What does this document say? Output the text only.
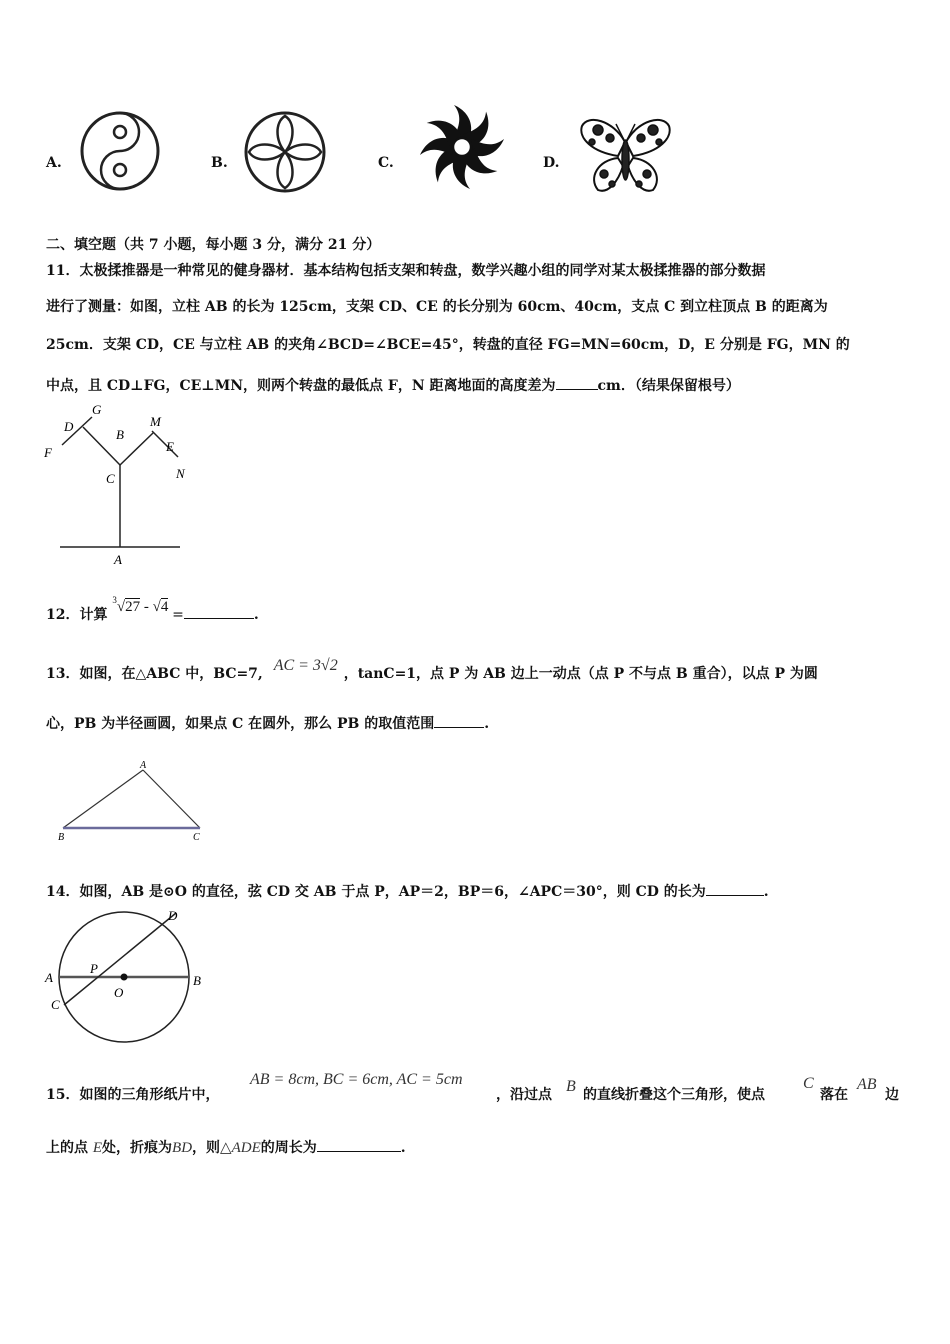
A.	B.	C.	D.
二、填空题（共 7 小题，每小题 3 分，满分 21 分）
11．太极揉推器是一种常见的健身器材．基本结构包括支架和转盘，数学兴趣小组的同学对某太极揉推器的部分数据
进行了测量：如图，立柱 AB 的长为 125cm，支架 CD、CE 的长分别为 60cm、40cm，支点 C 到立柱顶点 B 的距离为
25cm．支架 CD，CE 与立柱 AB 的夹角∠BCD=∠BCE=45°，转盘的直径 FG=MN=60cm，D，E 分别是 FG，MN 的
中点，且 CD⊥FG，CE⊥MN，则两个转盘的最低点 F，N 距离地面的高度差为	cm．（结果保留根号）
D
G
F
B
M
E
N
C
A
12．计算 $^3$√27 - √4 =	.
13．如图，在△ABC 中，BC=7, AC = 3√2 ，tanC=1，点 P 为 AB 边上一动点（点 P 不与点 B 重合），以点 P 为圆
心，PB 为半径画圆，如果点 C 在圆外，那么 PB 的取值范围	.
A
B	C
14．如图，AB 是⊙O 的直径，弦 CD 交 AB 于点 P，AP＝2，BP＝6，∠APC＝30°，则 CD 的长为	.
D
A	B
P
O
C
15．如图的三角形纸片中，
AB = 8cm, BC = 6cm, AC = 5cm
，沿过点 B 的直线折叠这个三角形，使点
C
落在
AB
边
上的点 E处，折痕为BD，则△ADE的周长为	.
